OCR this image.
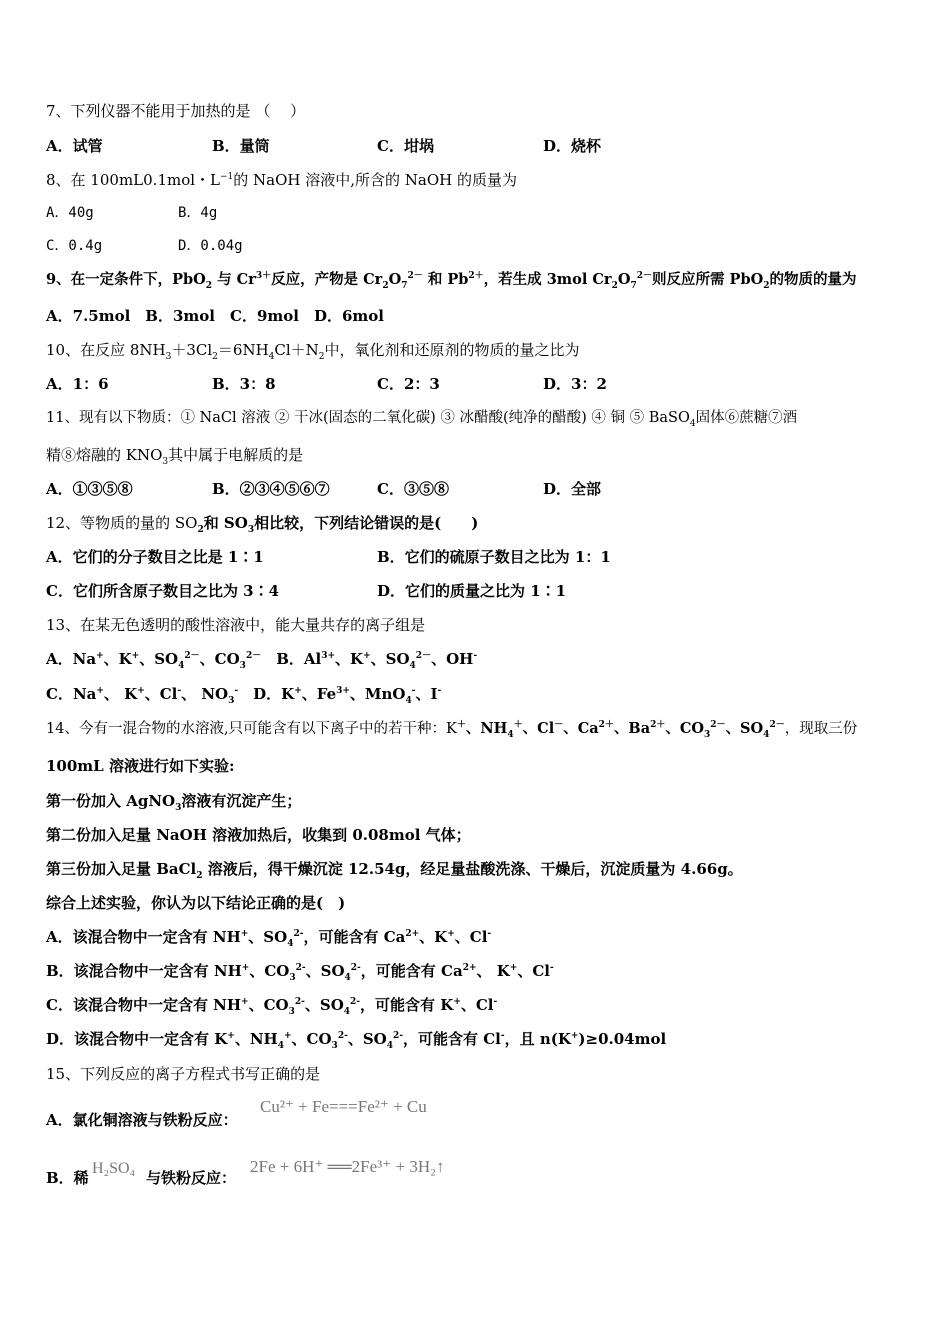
7、下列仪器不能用于加热的是 （　 ）
A．试管	B．量筒	C．坩埚	D．烧杯
8、在 100mL0.1mol・$L^{-1}$的 NaOH 溶液中,所含的 NaOH 的质量为
A．40g	B．4g
C．0.4g	D．0.04g
9、在一定条件下，PbO$_2$ 与 $Cr^{3+}$反应，产物是 $Cr_2O_7^{2-}$ 和 $Pb^{2+}$，若生成 3mol $Cr_2O_7^{2-}$则反应所需 PbO$_2$的物质的量为
A．7.5mol　B．3mol　C．9mol　D．6mol
10、在反应 $8NH_3+3Cl_2=6NH_4Cl+N_2$中，氧化剂和还原剂的物质的量之比为
A．1：6	B．3：8	C．2：3	D．3：2
11、现有以下物质：① NaCl 溶液 ② 干冰(固态的二氧化碳) ③ 冰醋酸(纯净的醋酸) ④ 铜 ⑤ BaSO$_4$固体⑥蔗糖⑦酒
精⑧熔融的 $KNO_3$其中属于电解质的是
A．①③⑤⑧	B．②③④⑤⑥⑦	C．③⑤⑧	D．全部
12、等物质的量的 $SO_2$和 $SO_3$相比较，下列结论错误的是(　　)
A．它们的分子数目之比是 1∶1	B．它们的硫原子数目之比为 1：1
C．它们所含原子数目之比为 3∶4	D．它们的质量之比为 1∶1
13、在某无色透明的酸性溶液中，能大量共存的离子组是
A．Na+、K+、$SO_4^{2-}$、$CO_3^{2-}$　B．$Al^{3+}$、K+、$SO_4^{2-}$、OH-
C．Na+、 K+、Cl-、 $NO_3^-$　D．K+、$Fe^{3+}$、MnO$_4$-、I-
14、今有一混合物的水溶液,只可能含有以下离子中的若干种：K＋、$NH_4^+$、Cl－、$Ca^{2+}$、$Ba^{2+}$、$CO_3^{2-}$、$SO_4^{2-}$，现取三份
100mL 溶液进行如下实验:
第一份加入 AgNO$_3$溶液有沉淀产生；
第二份加入足量 NaOH 溶液加热后，收集到 0.08mol 气体；
第三份加入足量 BaCl$_2$ 溶液后，得干燥沉淀 12.54g，经足量盐酸洗涤、干燥后，沉淀质量为 4.66g。
综合上述实验，你认为以下结论正确的是(　)
A．该混合物中一定含有 NH+、$SO_4^{2-}$，可能含有 $Ca^{2+}$、K+、Cl-
B．该混合物中一定含有 NH+、$CO_3^{2-}$、$SO_4^{2-}$，可能含有 $Ca^{2+}$、 K+、Cl-
C．该混合物中一定含有 NH+、$CO_3^{2-}$、$SO_4^{2-}$，可能含有 K+、Cl-
D．该混合物中一定含有 K+、$NH_4^+$、$CO_3^{2-}$、$SO_4^{2-}$，可能含有 Cl-，且 n(K+)≥0.04mol
15、下列反应的离子方程式书写正确的是
A．氯化铜溶液与铁粉反应：
Cu²⁺ + Fe===Fe²⁺ + Cu
B．稀
H₂SO₄
与铁粉反应：
2Fe + 6H⁺ ══2Fe³⁺ + 3H₂↑
